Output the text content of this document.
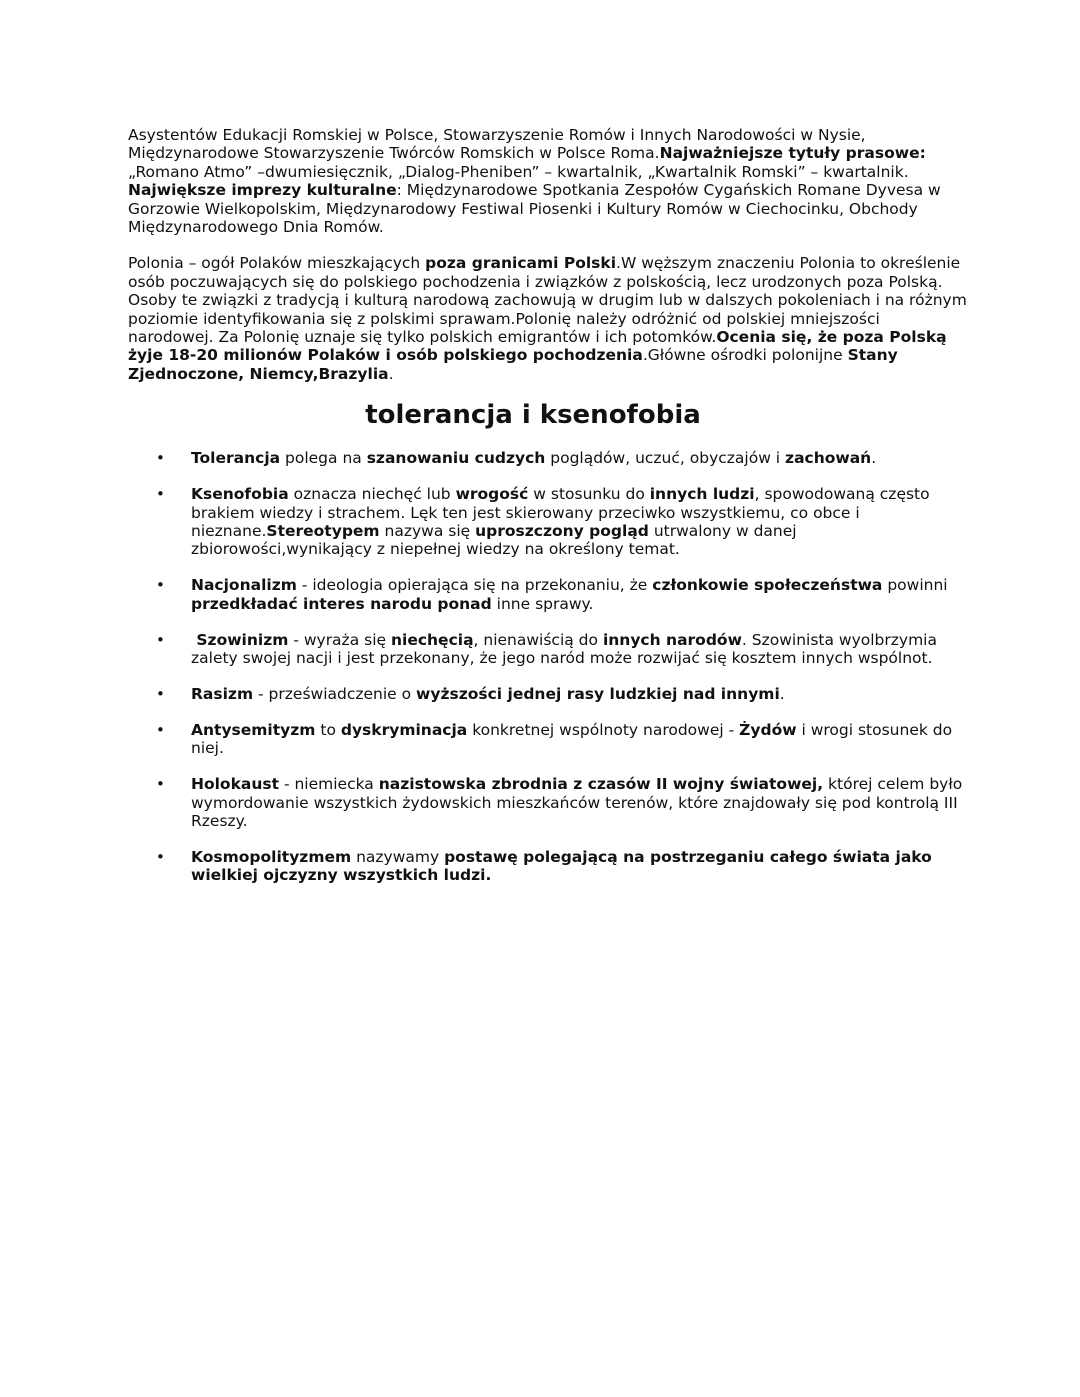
Asystentów Edukacji Romskiej w Polsce, Stowarzyszenie Romów i Innych Narodowości w Nysie, Międzynarodowe Stowarzyszenie Twórców Romskich w Polsce Roma.Najważniejsze tytuły prasowe: „Romano Atmo” –dwumiesięcznik, „Dialog-Pheniben” – kwartalnik, „Kwartalnik Romski” – kwartalnik. Największe imprezy kulturalne: Międzynarodowe Spotkania Zespołów Cygańskich Romane Dyvesa w Gorzowie Wielkopolskim, Międzynarodowy Festiwal Piosenki i Kultury Romów w Ciechocinku, Obchody Międzynarodowego Dnia Romów.

Polonia – ogół Polaków mieszkających poza granicami Polski.W węższym znaczeniu Polonia to określenie osób poczuwających się do polskiego pochodzenia i związków z polskością, lecz urodzonych poza Polską. Osoby te związki z tradycją i kulturą narodową zachowują w drugim lub w dalszych pokoleniach i na różnym poziomie identyfikowania się z polskimi sprawam.Polonię należy odróżnić od polskiej mniejszości narodowej. Za Polonię uznaje się tylko polskich emigrantów i ich potomków.Ocenia się, że poza Polską żyje 18-20 milionów Polaków i osób polskiego pochodzenia.Główne ośrodki polonijne Stany Zjednoczone, Niemcy,Brazylia.

tolerancja i ksenofobia
• Tolerancja polega na szanowaniu cudzych poglądów, uczuć, obyczajów i zachowań.
• Ksenofobia oznacza niechęć lub wrogość w stosunku do innych ludzi, spowodowaną często brakiem wiedzy i strachem. Lęk ten jest skierowany przeciwko wszystkiemu, co obce i nieznane.Stereotypem nazywa się uproszczony pogląd utrwalony w danej zbiorowości,wynikający z niepełnej wiedzy na określony temat.
• Nacjonalizm - ideologia opierająca się na przekonaniu, że członkowie społeczeństwa powinni przedkładać interes narodu ponad inne sprawy.
• Szowinizm - wyraża się niechęcią, nienawiścią do innych narodów. Szowinista wyolbrzymia zalety swojej nacji i jest przekonany, że jego naród może rozwijać się kosztem innych wspólnot.
• Rasizm - przeświadczenie o wyższości jednej rasy ludzkiej nad innymi.
• Antysemityzm to dyskryminacja konkretnej wspólnoty narodowej - Żydów i wrogi stosunek do niej.
• Holokaust - niemiecka nazistowska zbrodnia z czasów II wojny światowej, której celem było wymordowanie wszystkich żydowskich mieszkańców terenów, które znajdowały się pod kontrolą III Rzeszy.
• Kosmopolityzmem nazywamy postawę polegającą na postrzeganiu całego świata jako wielkiej ojczyzny wszystkich ludzi.
